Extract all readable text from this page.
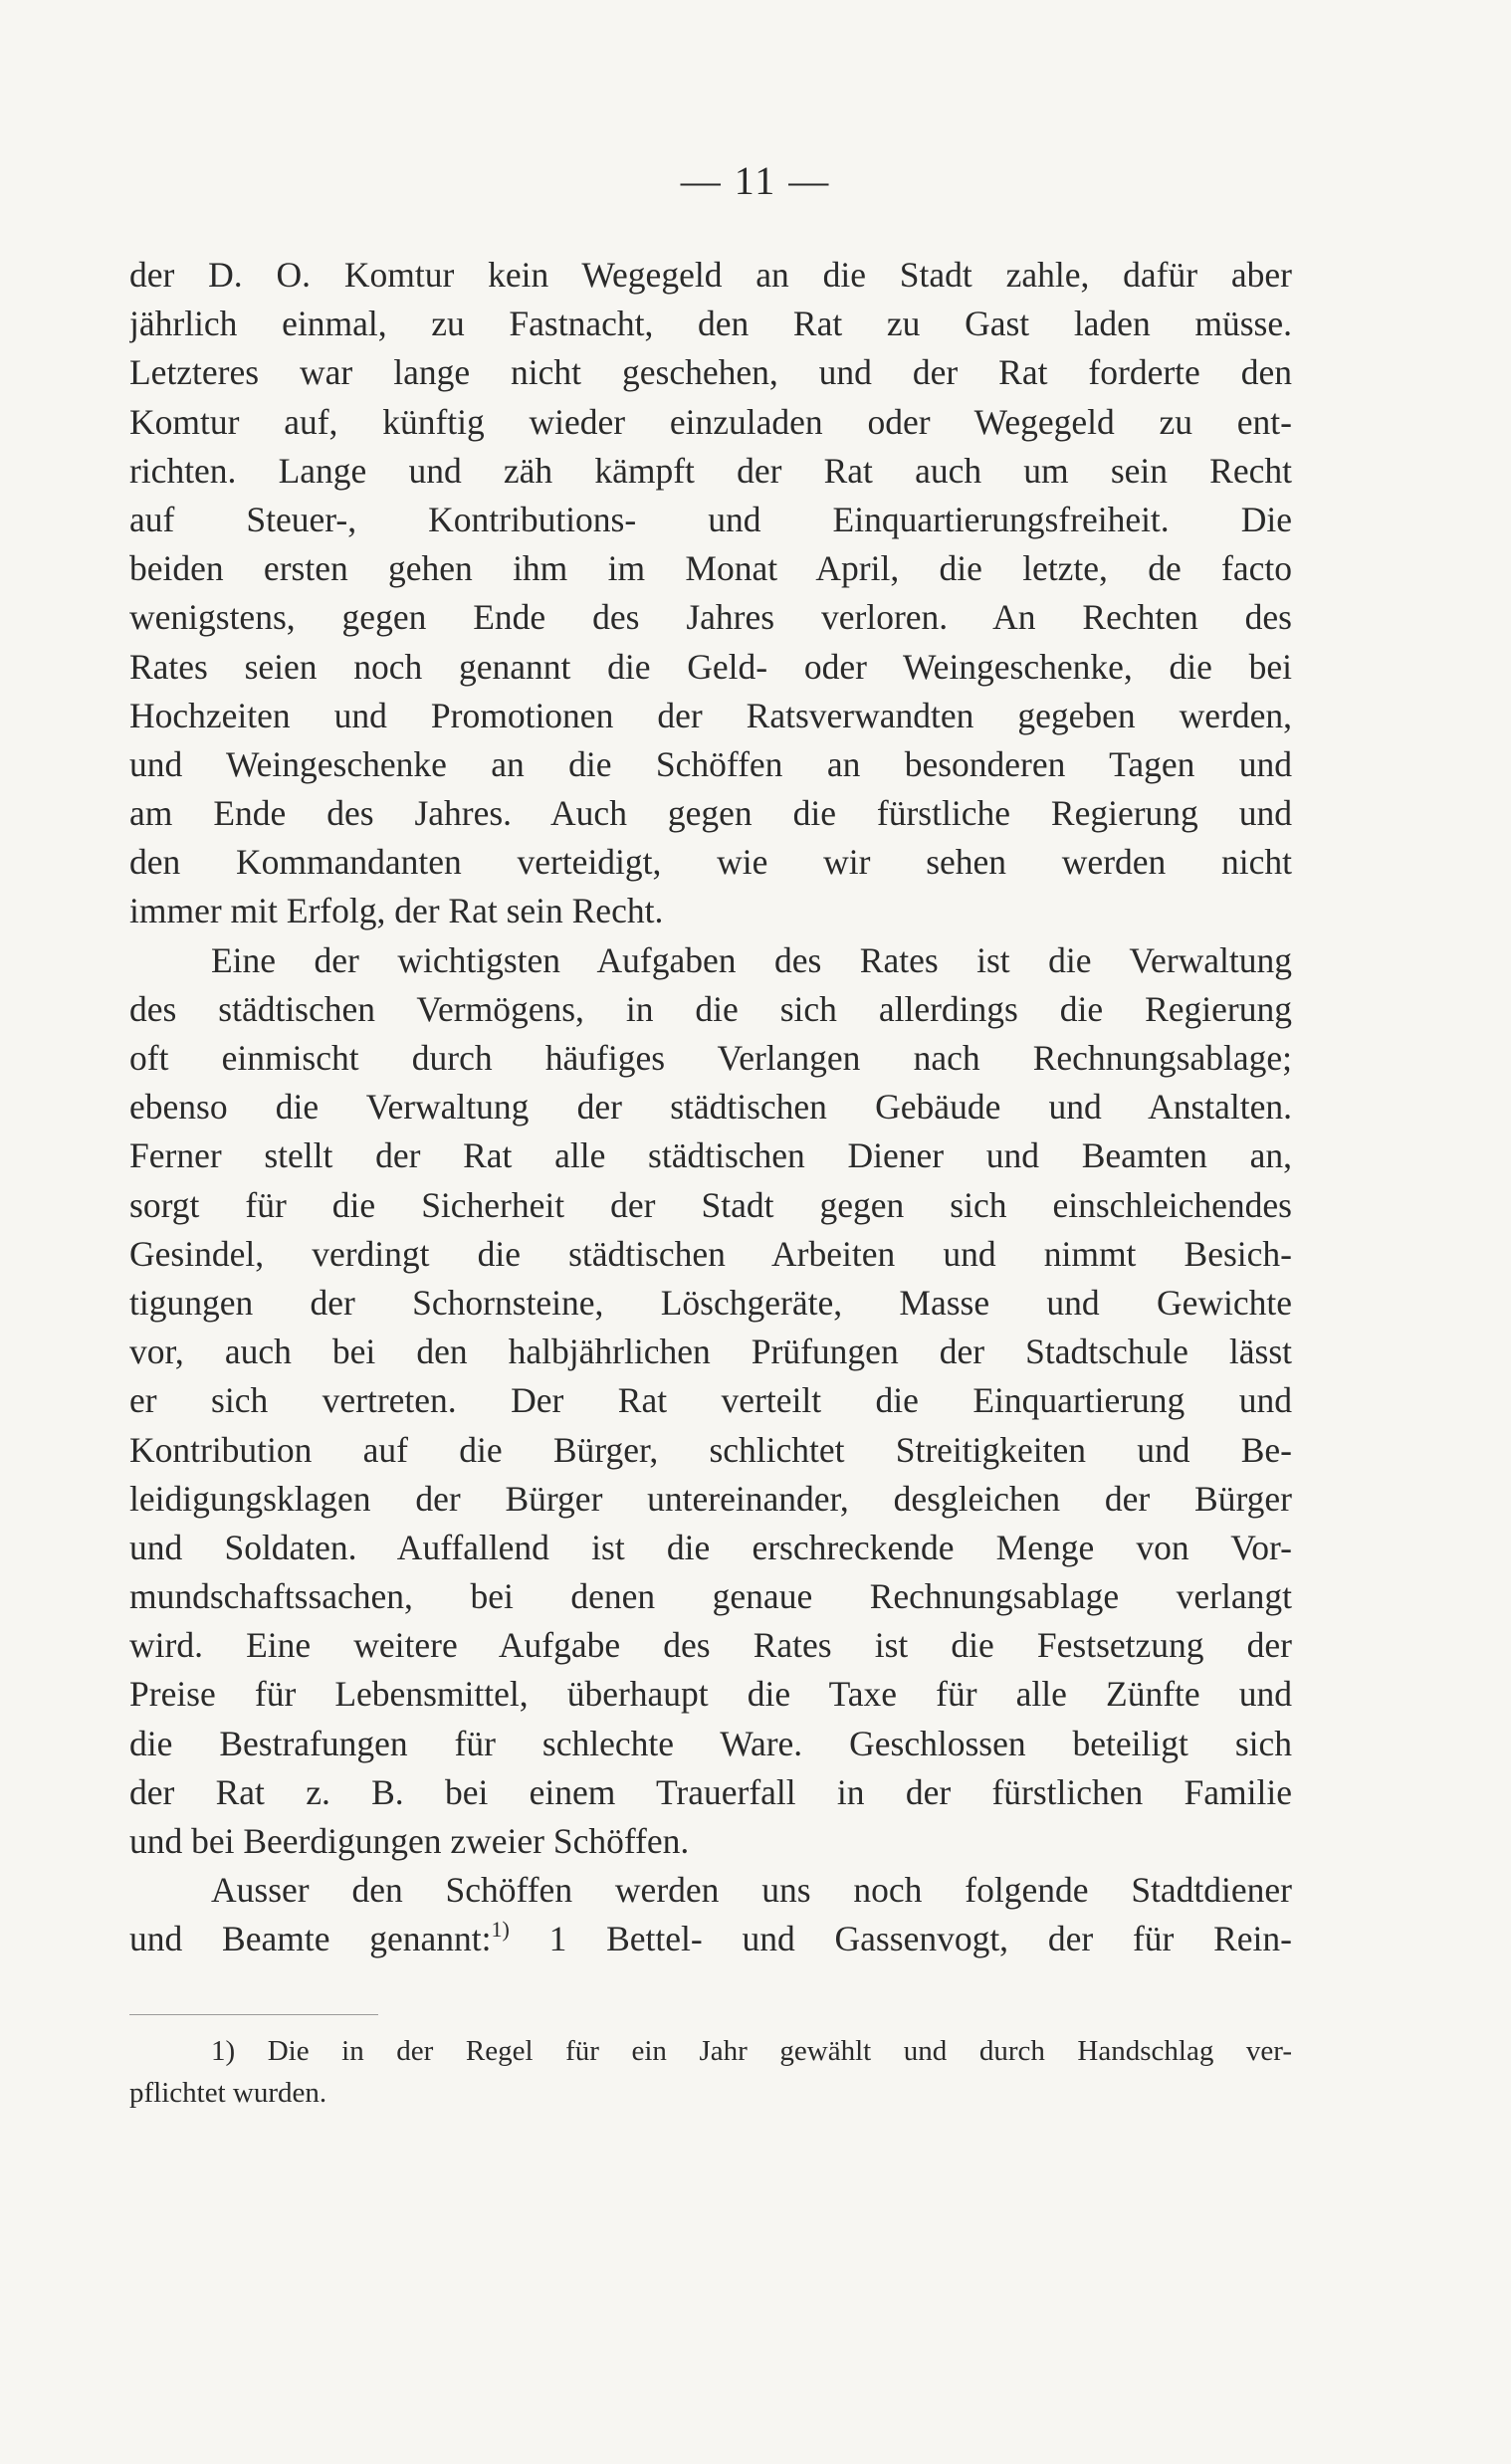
— 11 —
der D. O. Komtur kein Wegegeld an die Stadt zahle, dafür aber
jährlich einmal, zu Fastnacht, den Rat zu Gast laden müsse.
Letzteres war lange nicht geschehen, und der Rat forderte den
Komtur auf, künftig wieder einzuladen oder Wegegeld zu ent-
richten. Lange und zäh kämpft der Rat auch um sein Recht
auf Steuer-, Kontributions- und Einquartierungsfreiheit. Die
beiden ersten gehen ihm im Monat April, die letzte, de facto
wenigstens, gegen Ende des Jahres verloren. An Rechten des
Rates seien noch genannt die Geld- oder Weingeschenke, die bei
Hochzeiten und Promotionen der Ratsverwandten gegeben werden,
und Weingeschenke an die Schöffen an besonderen Tagen und
am Ende des Jahres. Auch gegen die fürstliche Regierung und
den Kommandanten verteidigt, wie wir sehen werden nicht
immer mit Erfolg, der Rat sein Recht.
Eine der wichtigsten Aufgaben des Rates ist die Verwaltung
des städtischen Vermögens, in die sich allerdings die Regierung
oft einmischt durch häufiges Verlangen nach Rechnungsablage;
ebenso die Verwaltung der städtischen Gebäude und Anstalten.
Ferner stellt der Rat alle städtischen Diener und Beamten an,
sorgt für die Sicherheit der Stadt gegen sich einschleichendes
Gesindel, verdingt die städtischen Arbeiten und nimmt Besich-
tigungen der Schornsteine, Löschgeräte, Masse und Gewichte
vor, auch bei den halbjährlichen Prüfungen der Stadtschule lässt
er sich vertreten. Der Rat verteilt die Einquartierung und
Kontribution auf die Bürger, schlichtet Streitigkeiten und Be-
leidigungsklagen der Bürger untereinander, desgleichen der Bürger
und Soldaten. Auffallend ist die erschreckende Menge von Vor-
mundschaftssachen, bei denen genaue Rechnungsablage verlangt
wird. Eine weitere Aufgabe des Rates ist die Festsetzung der
Preise für Lebensmittel, überhaupt die Taxe für alle Zünfte und
die Bestrafungen für schlechte Ware. Geschlossen beteiligt sich
der Rat z. B. bei einem Trauerfall in der fürstlichen Familie
und bei Beerdigungen zweier Schöffen.
Ausser den Schöffen werden uns noch folgende Stadtdiener
und Beamte genannt:$^{1)}$ 1 Bettel- und Gassenvogt, der für Rein-
1) Die in der Regel für ein Jahr gewählt und durch Handschlag ver-
pflichtet wurden.
